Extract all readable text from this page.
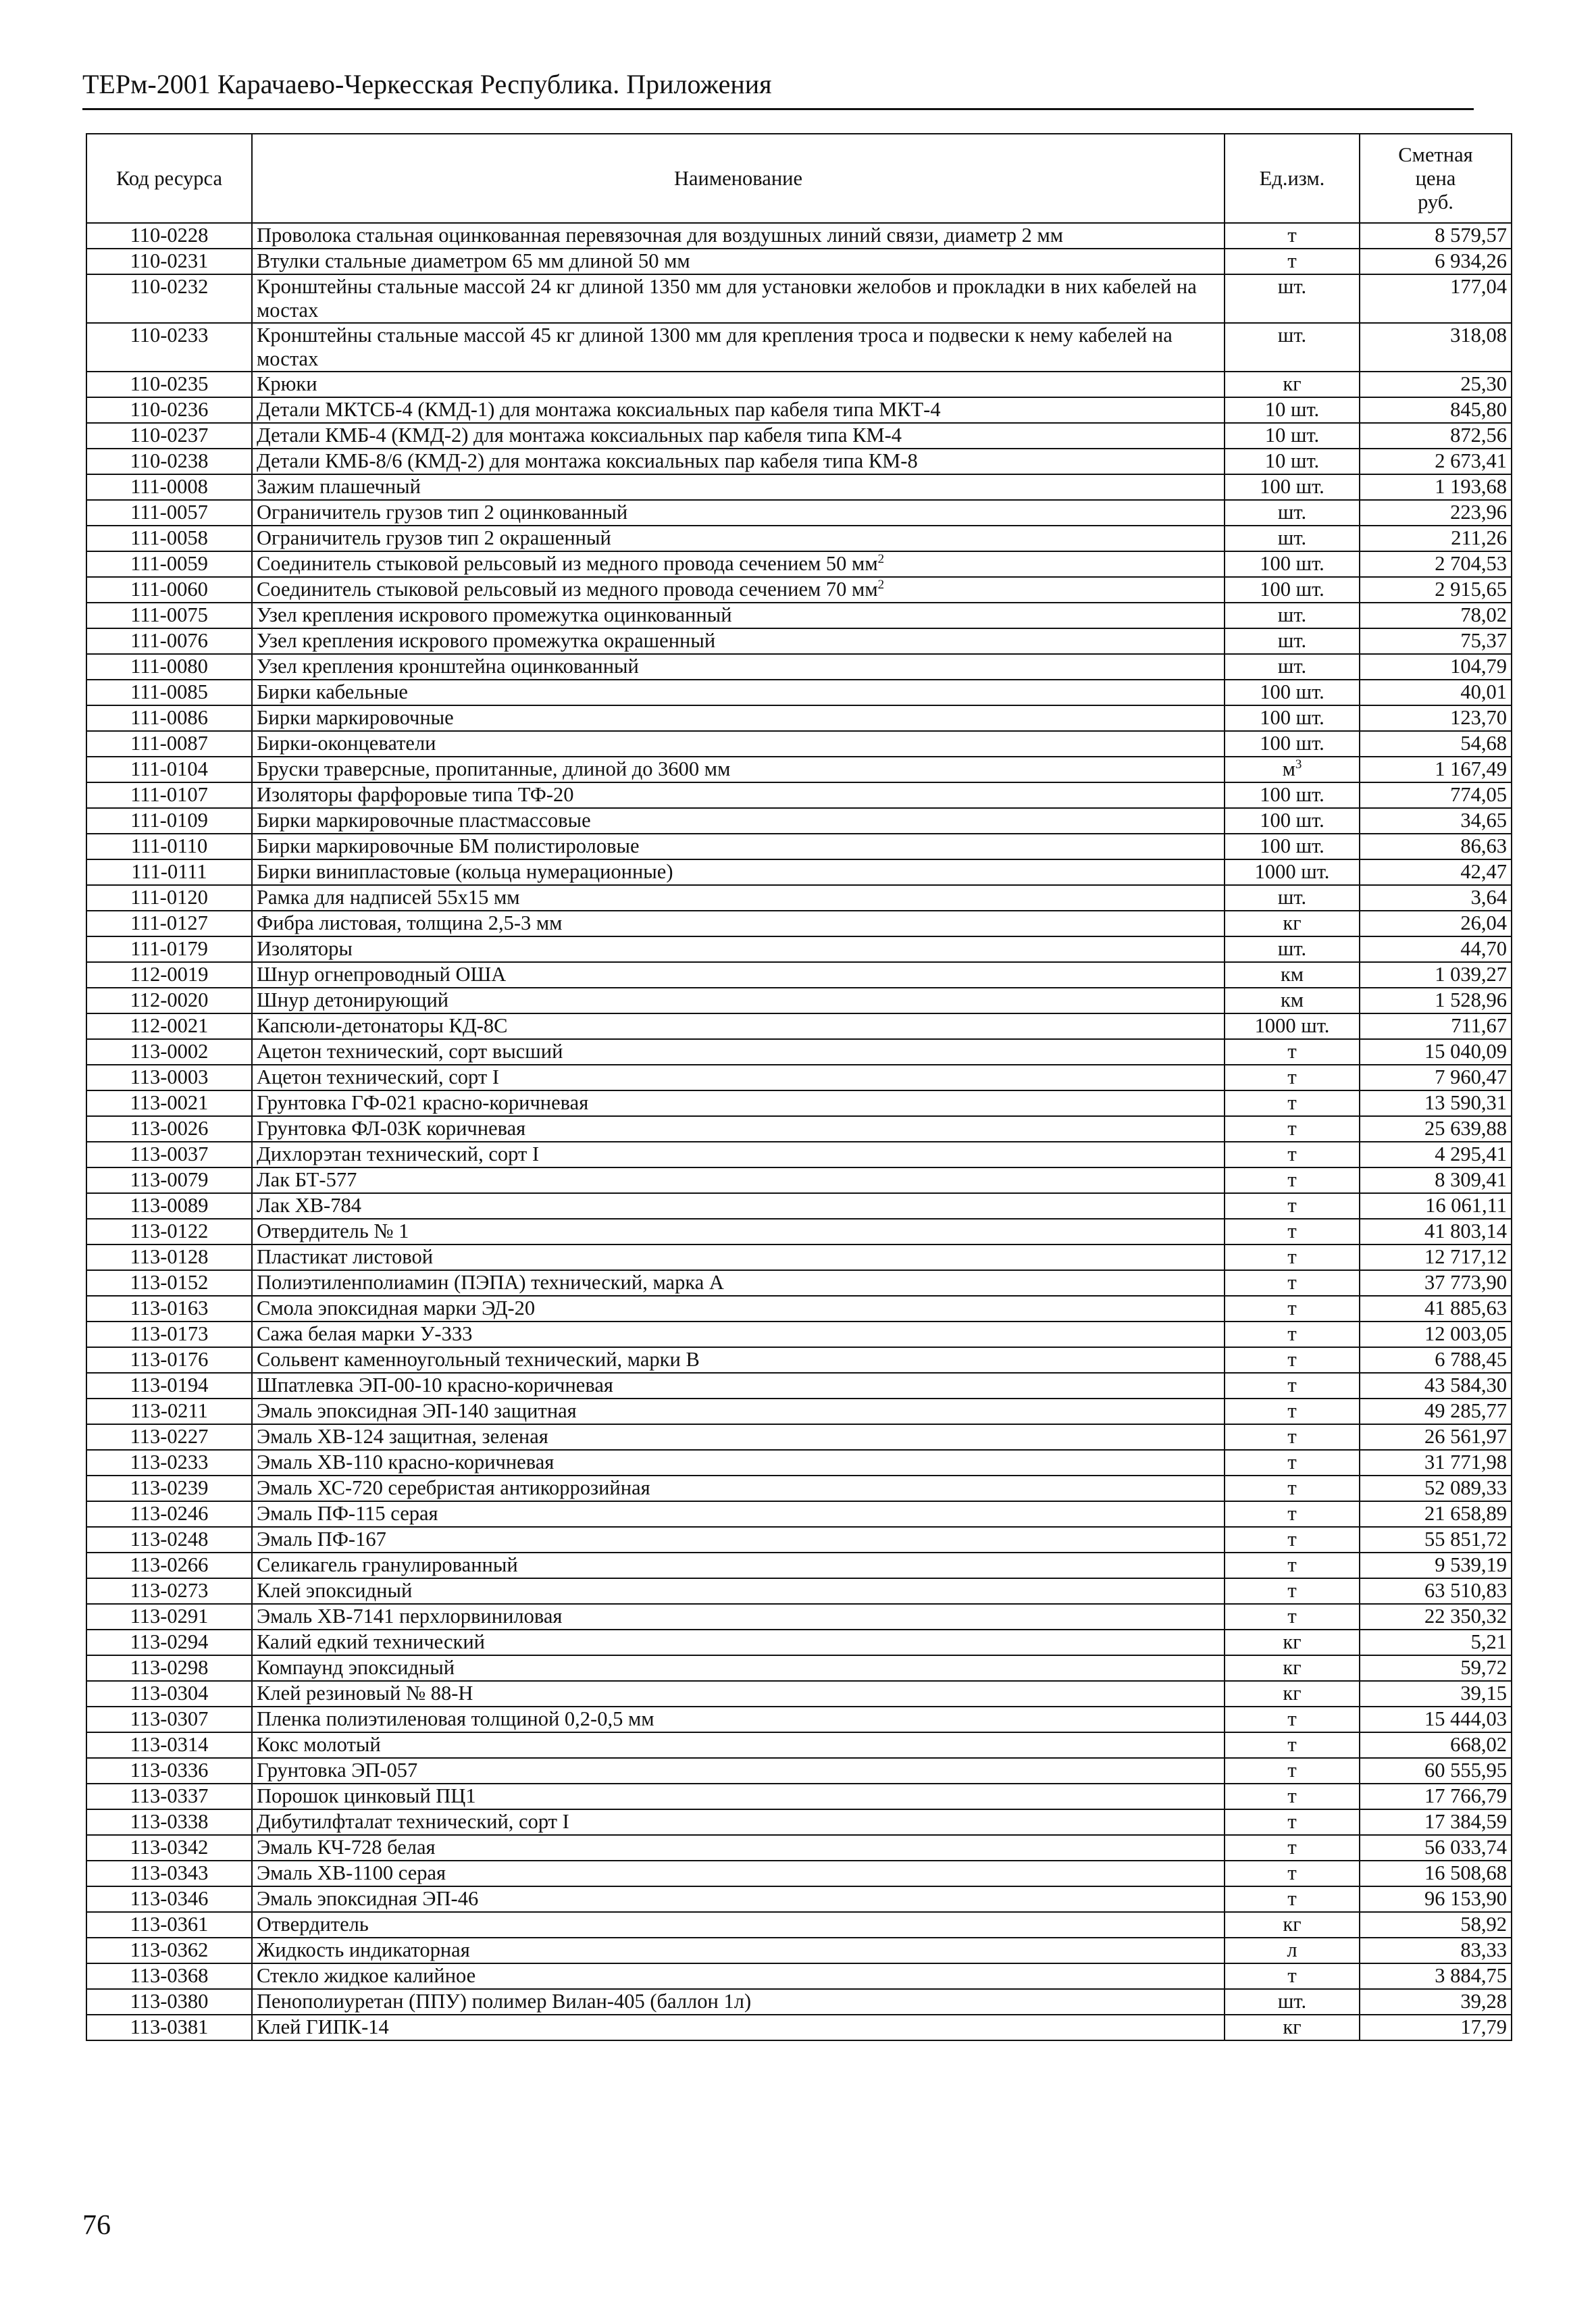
ТЕРм-2001 Карачаево-Черкесская Республика. Приложения
Код ресурса	Наименование	Ед.изм.	Сметная
цена
руб.
110-0228	Проволока стальная оцинкованная перевязочная для воздушных линий связи, диаметр 2 мм	т	8 579,57
110-0231	Втулки стальные диаметром 65 мм длиной 50 мм	т	6 934,26
110-0232	Кронштейны стальные массой 24 кг длиной 1350 мм для установки желобов и прокладки в них кабелей на мостах	шт.	177,04
110-0233	Кронштейны стальные массой 45 кг длиной 1300 мм для крепления троса и подвески к нему кабелей на мостах	шт.	318,08
110-0235	Крюки	кг	25,30
110-0236	Детали МКТСБ-4 (КМД-1) для монтажа коксиальных пар кабеля типа МКТ-4	10 шт.	845,80
110-0237	Детали КМБ-4 (КМД-2) для монтажа коксиальных пар кабеля типа КМ-4	10 шт.	872,56
110-0238	Детали КМБ-8/6 (КМД-2) для монтажа коксиальных пар кабеля типа КМ-8	10 шт.	2 673,41
111-0008	Зажим плашечный	100 шт.	1 193,68
111-0057	Ограничитель грузов тип 2 оцинкованный	шт.	223,96
111-0058	Ограничитель грузов тип 2 окрашенный	шт.	211,26
111-0059	Соединитель стыковой рельсовый из медного провода сечением 50 $мм^2$	100 шт.	2 704,53
111-0060	Соединитель стыковой рельсовый из медного провода сечением 70 $мм^2$	100 шт.	2 915,65
111-0075	Узел крепления искрового промежутка оцинкованный	шт.	78,02
111-0076	Узел крепления искрового промежутка окрашенный	шт.	75,37
111-0080	Узел крепления кронштейна оцинкованный	шт.	104,79
111-0085	Бирки кабельные	100 шт.	40,01
111-0086	Бирки маркировочные	100 шт.	123,70
111-0087	Бирки-оконцеватели	100 шт.	54,68
111-0104	Бруски траверсные, пропитанные, длиной до 3600 мм	$м^3$	1 167,49
111-0107	Изоляторы фарфоровые типа ТФ-20	100 шт.	774,05
111-0109	Бирки маркировочные пластмассовые	100 шт.	34,65
111-0110	Бирки маркировочные БМ полистироловые	100 шт.	86,63
111-0111	Бирки винипластовые (кольца нумерационные)	1000 шт.	42,47
111-0120	Рамка для надписей 55х15 мм	шт.	3,64
111-0127	Фибра листовая, толщина 2,5-3 мм	кг	26,04
111-0179	Изоляторы	шт.	44,70
112-0019	Шнур огнепроводный ОША	км	1 039,27
112-0020	Шнур детонирующий	км	1 528,96
112-0021	Капсюли-детонаторы КД-8С	1000 шт.	711,67
113-0002	Ацетон технический, сорт высший	т	15 040,09
113-0003	Ацетон технический, сорт I	т	7 960,47
113-0021	Грунтовка ГФ-021 красно-коричневая	т	13 590,31
113-0026	Грунтовка ФЛ-03К коричневая	т	25 639,88
113-0037	Дихлорэтан технический, сорт I	т	4 295,41
113-0079	Лак БТ-577	т	8 309,41
113-0089	Лак ХВ-784	т	16 061,11
113-0122	Отвердитель № 1	т	41 803,14
113-0128	Пластикат листовой	т	12 717,12
113-0152	Полиэтиленполиамин (ПЭПА) технический, марка А	т	37 773,90
113-0163	Смола эпоксидная марки ЭД-20	т	41 885,63
113-0173	Сажа белая марки У-333	т	12 003,05
113-0176	Сольвент каменноугольный технический, марки В	т	6 788,45
113-0194	Шпатлевка ЭП-00-10 красно-коричневая	т	43 584,30
113-0211	Эмаль эпоксидная ЭП-140 защитная	т	49 285,77
113-0227	Эмаль ХВ-124 защитная, зеленая	т	26 561,97
113-0233	Эмаль ХВ-110 красно-коричневая	т	31 771,98
113-0239	Эмаль ХС-720 серебристая антикоррозийная	т	52 089,33
113-0246	Эмаль ПФ-115 серая	т	21 658,89
113-0248	Эмаль ПФ-167	т	55 851,72
113-0266	Селикагель гранулированный	т	9 539,19
113-0273	Клей эпоксидный	т	63 510,83
113-0291	Эмаль ХВ-7141 перхлорвиниловая	т	22 350,32
113-0294	Калий едкий технический	кг	5,21
113-0298	Компаунд эпоксидный	кг	59,72
113-0304	Клей резиновый № 88-Н	кг	39,15
113-0307	Пленка полиэтиленовая толщиной 0,2-0,5 мм	т	15 444,03
113-0314	Кокс молотый	т	668,02
113-0336	Грунтовка ЭП-057	т	60 555,95
113-0337	Порошок цинковый ПЦ1	т	17 766,79
113-0338	Дибутилфталат технический, сорт I	т	17 384,59
113-0342	Эмаль КЧ-728 белая	т	56 033,74
113-0343	Эмаль ХВ-1100 серая	т	16 508,68
113-0346	Эмаль эпоксидная ЭП-46	т	96 153,90
113-0361	Отвердитель	кг	58,92
113-0362	Жидкость индикаторная	л	83,33
113-0368	Стекло жидкое калийное	т	3 884,75
113-0380	Пенополиуретан (ППУ) полимер Вилан-405 (баллон 1л)	шт.	39,28
113-0381	Клей ГИПК-14	кг	17,79
76
